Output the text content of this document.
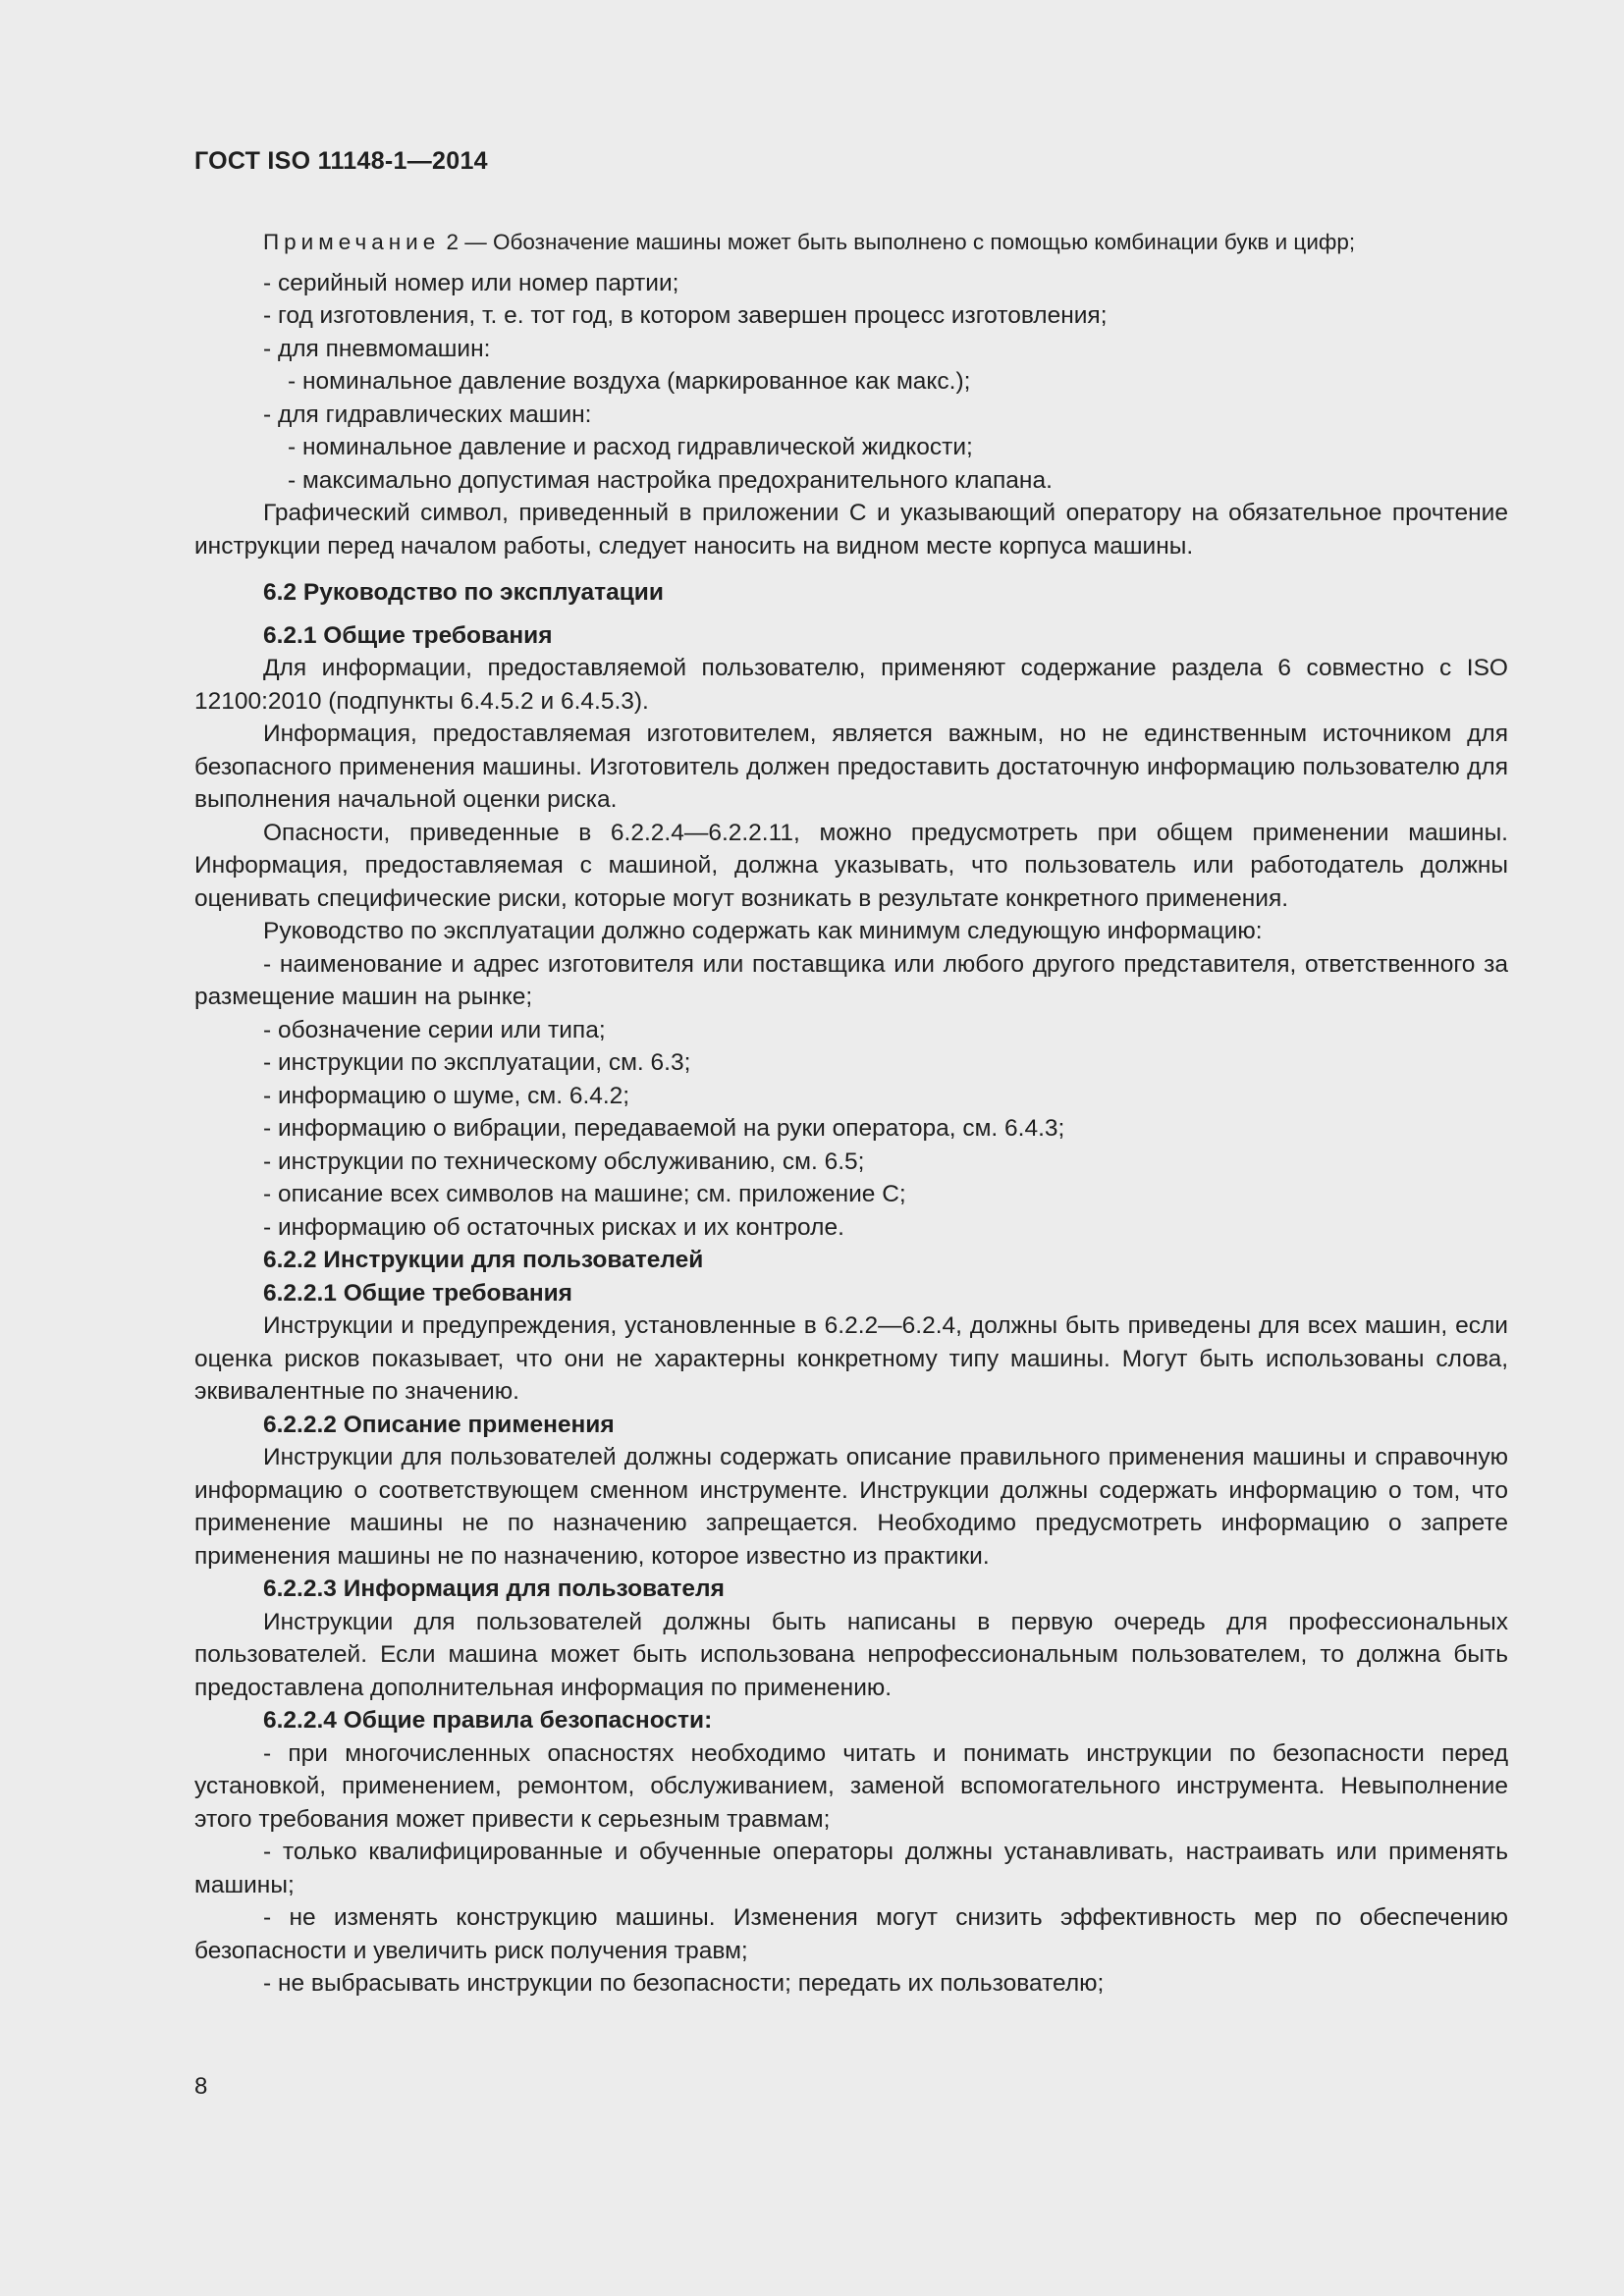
ГОСТ ISO 11148-1—2014

Примечание 2 — Обозначение машины может быть выполнено с помощью комбинации букв и цифр;

- серийный номер или номер партии;

- год изготовления, т. е. тот год, в котором завершен процесс изготовления;

- для пневмомашин:

- номинальное давление воздуха (маркированное как макс.);

- для гидравлических машин:

- номинальное давление и расход гидравлической жидкости;

- максимально допустимая настройка предохранительного клапана.

Графический символ, приведенный в приложении С и указывающий оператору на обязательное прочтение инструкции перед началом работы, следует наносить на видном месте корпуса машины.

6.2 Руководство по эксплуатации

6.2.1 Общие требования

Для информации, предоставляемой пользователю, применяют содержание раздела 6 совместно с ISO 12100:2010 (подпункты 6.4.5.2 и 6.4.5.3).

Информация, предоставляемая изготовителем, является важным, но не единственным источником для безопасного применения машины. Изготовитель должен предоставить достаточную информацию пользователю для выполнения начальной оценки риска.

Опасности, приведенные в 6.2.2.4—6.2.2.11, можно предусмотреть при общем применении машины. Информация, предоставляемая с машиной, должна указывать, что пользователь или работодатель должны оценивать специфические риски, которые могут возникать в результате конкретного применения.

Руководство по эксплуатации должно содержать как минимум следующую информацию:

- наименование и адрес изготовителя или поставщика или любого другого представителя, ответственного за размещение машин на рынке;

- обозначение серии или типа;

- инструкции по эксплуатации, см. 6.3;

- информацию о шуме, см. 6.4.2;

- информацию о вибрации, передаваемой на руки оператора, см. 6.4.3;

- инструкции по техническому обслуживанию, см. 6.5;

- описание всех символов на машине; см. приложение С;

- информацию об остаточных рисках и их контроле.

6.2.2 Инструкции для пользователей

6.2.2.1 Общие требования

Инструкции и предупреждения, установленные в 6.2.2—6.2.4, должны быть приведены для всех машин, если оценка рисков показывает, что они не характерны конкретному типу машины. Могут быть использованы слова, эквивалентные по значению.

6.2.2.2 Описание применения

Инструкции для пользователей должны содержать описание правильного применения машины и справочную информацию о соответствующем сменном инструменте. Инструкции должны содержать информацию о том, что применение машины не по назначению запрещается. Необходимо предусмотреть информацию о запрете применения машины не по назначению, которое известно из практики.

6.2.2.3 Информация для пользователя

Инструкции для пользователей должны быть написаны в первую очередь для профессиональных пользователей. Если машина может быть использована непрофессиональным пользователем, то должна быть предоставлена дополнительная информация по применению.

6.2.2.4 Общие правила безопасности:

- при многочисленных опасностях необходимо читать и понимать инструкции по безопасности перед установкой, применением, ремонтом, обслуживанием, заменой вспомогательного инструмента. Невыполнение этого требования может привести к серьезным травмам;

- только квалифицированные и обученные операторы должны устанавливать, настраивать или применять машины;

- не изменять конструкцию машины. Изменения могут снизить эффективность мер по обеспечению безопасности и увеличить риск получения травм;

- не выбрасывать инструкции по безопасности; передать их пользователю;

8
